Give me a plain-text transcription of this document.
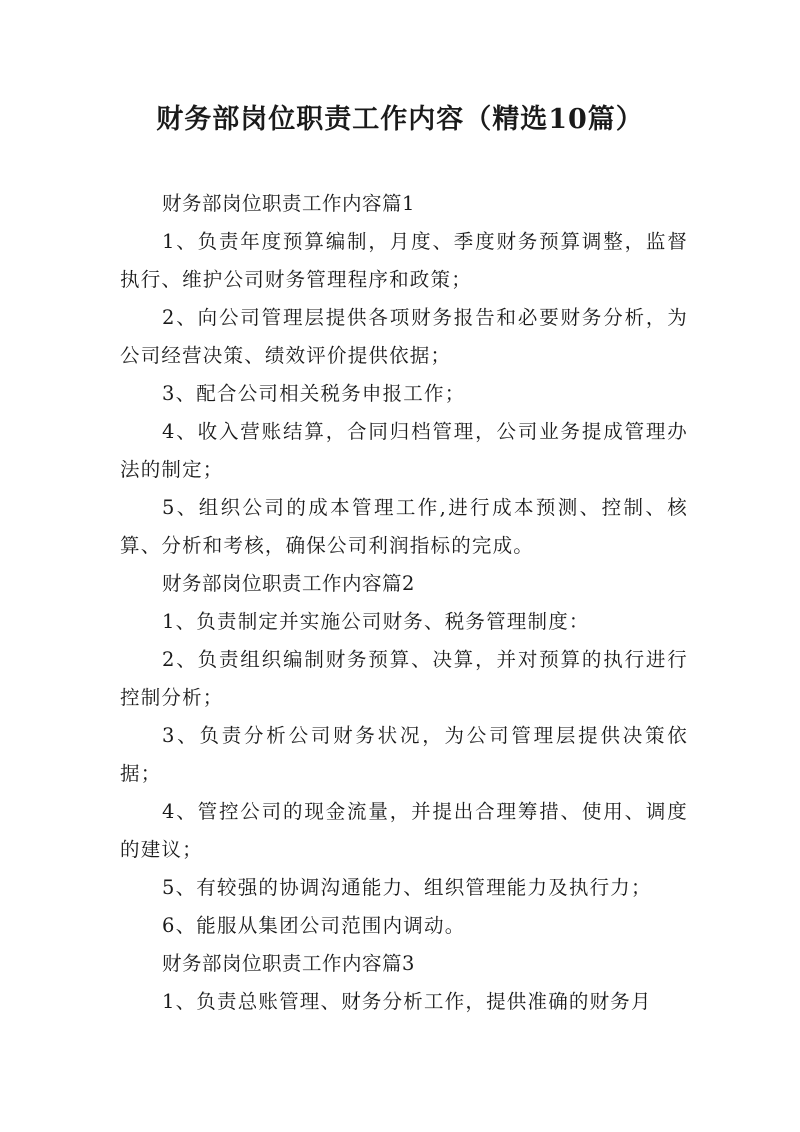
财务部岗位职责工作内容（精选10篇）

财务部岗位职责工作内容篇1

1、负责年度预算编制，月度、季度财务预算调整，监督执行、维护公司财务管理程序和政策；

2、向公司管理层提供各项财务报告和必要财务分析，为公司经营决策、绩效评价提供依据；

3、配合公司相关税务申报工作；

4、收入营账结算，合同归档管理，公司业务提成管理办法的制定；

5、组织公司的成本管理工作,进行成本预测、控制、核算、分析和考核，确保公司利润指标的完成。

财务部岗位职责工作内容篇2

1、负责制定并实施公司财务、税务管理制度：

2、负责组织编制财务预算、决算，并对预算的执行进行控制分析；

3、负责分析公司财务状况，为公司管理层提供决策依据；

4、管控公司的现金流量，并提出合理筹措、使用、调度的建议；

5、有较强的协调沟通能力、组织管理能力及执行力；

6、能服从集团公司范围内调动。

财务部岗位职责工作内容篇3

1、负责总账管理、财务分析工作，提供准确的财务月
